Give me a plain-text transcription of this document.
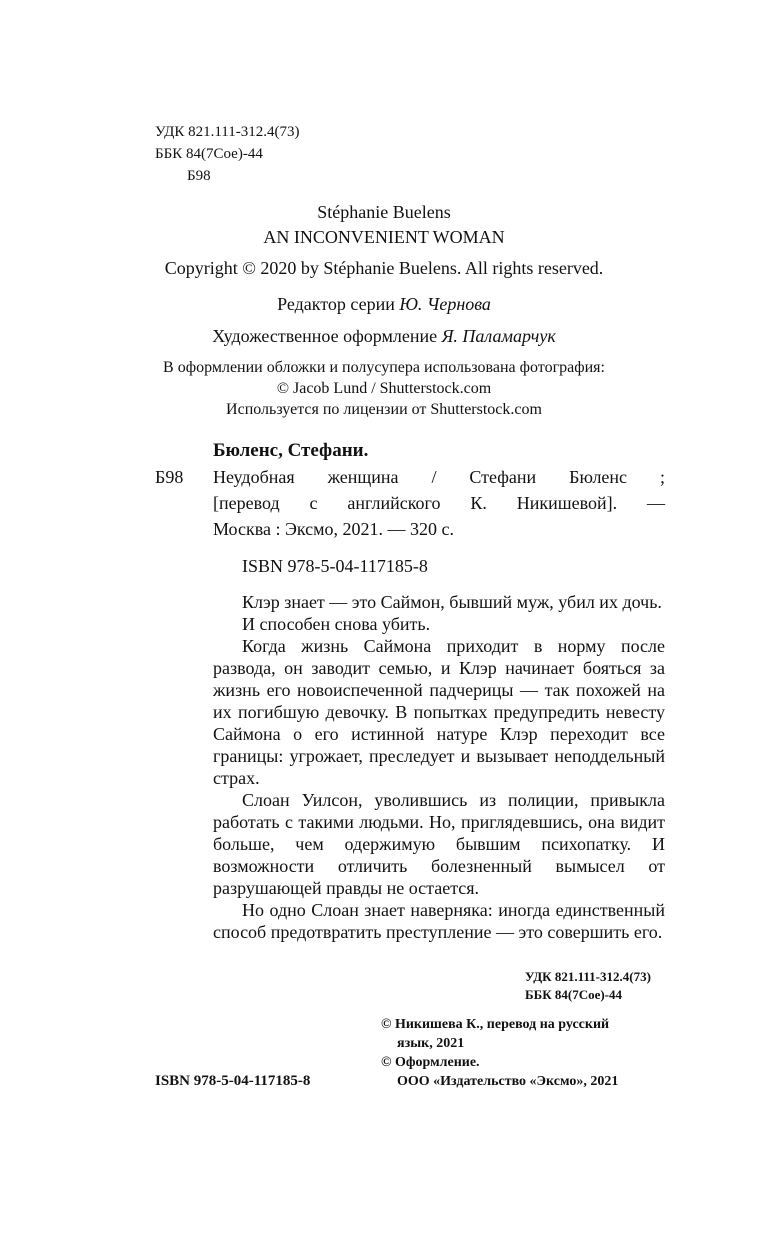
УДК 821.111-312.4(73)
ББК 84(7Сое)-44
Б98
Stéphanie Buelens
AN INCONVENIENT WOMAN
Copyright © 2020 by Stéphanie Buelens. All rights reserved.
Редактор серии Ю. Чернова
Художественное оформление Я. Паламарчук
В оформлении обложки и полусупера использована фотография:
© Jacob Lund / Shutterstock.com
Используется по лицензии от Shutterstock.com
Бюленс, Стефани.
Б98 Неудобная женщина / Стефани Бюленс ;
[перевод с английского К. Никишевой]. —
Москва : Эксмо, 2021. — 320 с.
ISBN 978-5-04-117185-8

Клэр знает — это Саймон, бывший муж, убил их дочь.

И способен снова убить.

Когда жизнь Саймона приходит в норму после развода, он заводит семью, и Клэр начинает бояться за жизнь его новоиспеченной падчерицы — так похожей на их погибшую девочку. В попытках предупредить невесту Саймона о его истинной натуре Клэр переходит все границы: угрожает, преследует и вызывает неподдельный страх.

Слоан Уилсон, уволившись из полиции, привыкла работать с такими людьми. Но, приглядевшись, она видит больше, чем одержимую бывшим психопатку. И возможности отличить болезненный вымысел от разрушающей правды не остается.

Но одно Слоан знает наверняка: иногда единственный способ предотвратить преступление — это совершить его.

УДК 821.111-312.4(73)
ББК 84(7Сое)-44
ISBN 978-5-04-117185-8
© Никишева К., перевод на русский
язык, 2021
© Оформление.
ООО «Издательство «Эксмо», 2021
